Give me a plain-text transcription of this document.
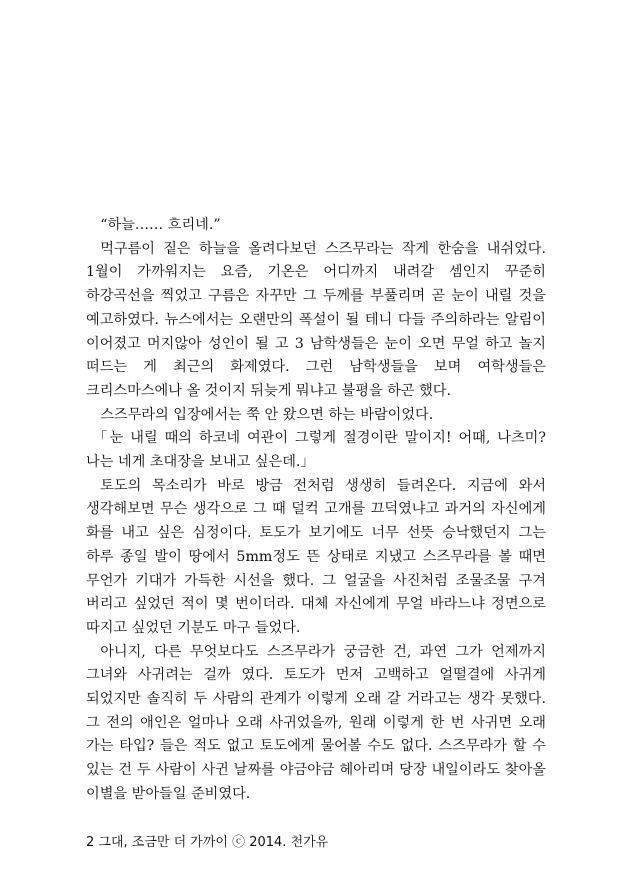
“하늘…… 흐리네.”

먹구름이 짙은 하늘을 올려다보던 스즈무라는 작게 한숨을 내쉬었다. 1월이 가까워지는 요즘, 기온은 어디까지 내려갈 셈인지 꾸준히 하강곡선을 찍었고 구름은 자꾸만 그 두께를 부풀리며 곧 눈이 내릴 것을 예고하였다. 뉴스에서는 오랜만의 폭설이 될 테니 다들 주의하라는 알림이 이어졌고 머지않아 성인이 될 고 3 남학생들은 눈이 오면 무얼 하고 놀지 떠드는 게 최근의 화제였다. 그런 남학생들을 보며 여학생들은 크리스마스에나 올 것이지 뒤늦게 뭐냐고 불평을 하곤 했다.

스즈무라의 입장에서는 쭉 안 왔으면 하는 바람이었다.

「눈 내릴 때의 하코네 여관이 그렇게 절경이란 말이지! 어때, 나츠미? 나는 네게 초대장을 보내고 싶은데.」

토도의 목소리가 바로 방금 전처럼 생생히 들려온다. 지금에 와서 생각해보면 무슨 생각으로 그 때 덜컥 고개를 끄덕였냐고 과거의 자신에게 화를 내고 싶은 심정이다. 토도가 보기에도 너무 선뜻 승낙했던지 그는 하루 종일 발이 땅에서 5mm정도 뜬 상태로 지냈고 스즈무라를 볼 때면 무언가 기대가 가득한 시선을 했다. 그 얼굴을 사진처럼 조물조물 구겨 버리고 싶었던 적이 몇 번이더라. 대체 자신에게 무얼 바라느냐 정면으로 따지고 싶었던 기분도 마구 들었다.

아니지, 다른 무엇보다도 스즈무라가 궁금한 건, 과연 그가 언제까지 그녀와 사귀려는 걸까 였다. 토도가 먼저 고백하고 얼떨결에 사귀게 되었지만 솔직히 두 사람의 관계가 이렇게 오래 갈 거라고는 생각 못했다. 그 전의 애인은 얼마나 오래 사귀었을까, 원래 이렇게 한 번 사귀면 오래 가는 타입? 들은 적도 없고 토도에게 물어볼 수도 없다. 스즈무라가 할 수 있는 건 두 사람이 사귄 날짜를 야금야금 헤아리며 당장 내일이라도 찾아올 이별을 받아들일 준비였다.

2 그대, 조금만 더 가까이 ⓒ 2014. 천가유
